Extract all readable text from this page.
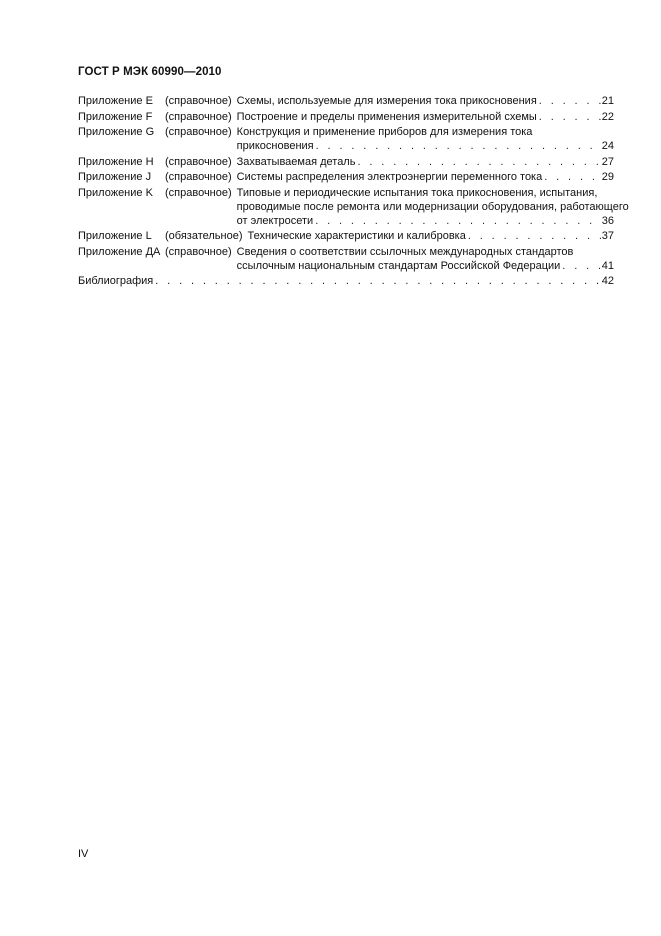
ГОСТ Р МЭК 60990—2010
Приложение E	(справочное) Схемы, используемые для измерения тока прикосновения . . .	21
Приложение F	(справочное) Построение и пределы применения измерительной схемы . . .	22
Приложение G (справочное) Конструкция и применение приборов для измерения тока
прикосновения . . .	24
Приложение H	(справочное) Захватываемая деталь . . .	27
Приложение J	(справочное) Системы распределения электроэнергии переменного тока . . .	29
Приложение K	(справочное) Типовые и периодические испытания тока прикосновения, испытания,
проводимые после ремонта или модернизации оборудования, работающего
от электросети . . .	36
Приложение L	(обязательное) Технические характеристики и калибровка . . .	37
Приложение ДА (справочное) Сведения о соответствии ссылочных международных стандартов
ссылочным национальным стандартам Российской Федерации . . .	41
Библиография . . .	42
IV
